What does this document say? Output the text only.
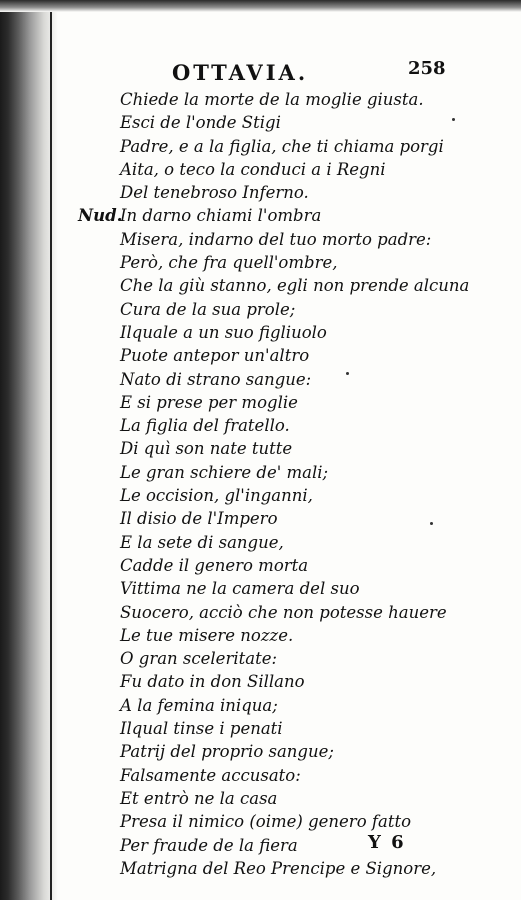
OTTAVIA.	258
Chiede la morte de la moglie giusta.
Esci de l'onde Stigi
Padre, e a la figlia, che ti chiama porgi
Aita, o teco la conduci a i Regni
Del tenebroso Inferno.
Nud.In darno chiami l'ombra
Misera, indarno del tuo morto padre:
Però, che fra quell'ombre,
Che la giù stanno, egli non prende alcuna
Cura de la sua prole;
Ilquale a un suo figliuolo
Puote antepor un'altro
Nato di strano sangue:
E si prese per moglie
La figlia del fratello.
Di quì son nate tutte
Le gran schiere de' mali;
Le occision, gl'inganni,
Il disio de l'Impero
E la sete di sangue,
Cadde il genero morta
Vittima ne la camera del suo
Suocero, acciò che non potesse hauere
Le tue misere nozze.
O gran sceleritate:
Fu dato in don Sillano
A la femina iniqua;
Ilqual tinse i penati
Patrij del proprio sangue;
Falsamente accusato:
Et entrò ne la casa
Presa il nimico (oime) genero fatto
Per fraude de la fiera
Matrigna del Reo Prencipe e Signore,
Y 6
